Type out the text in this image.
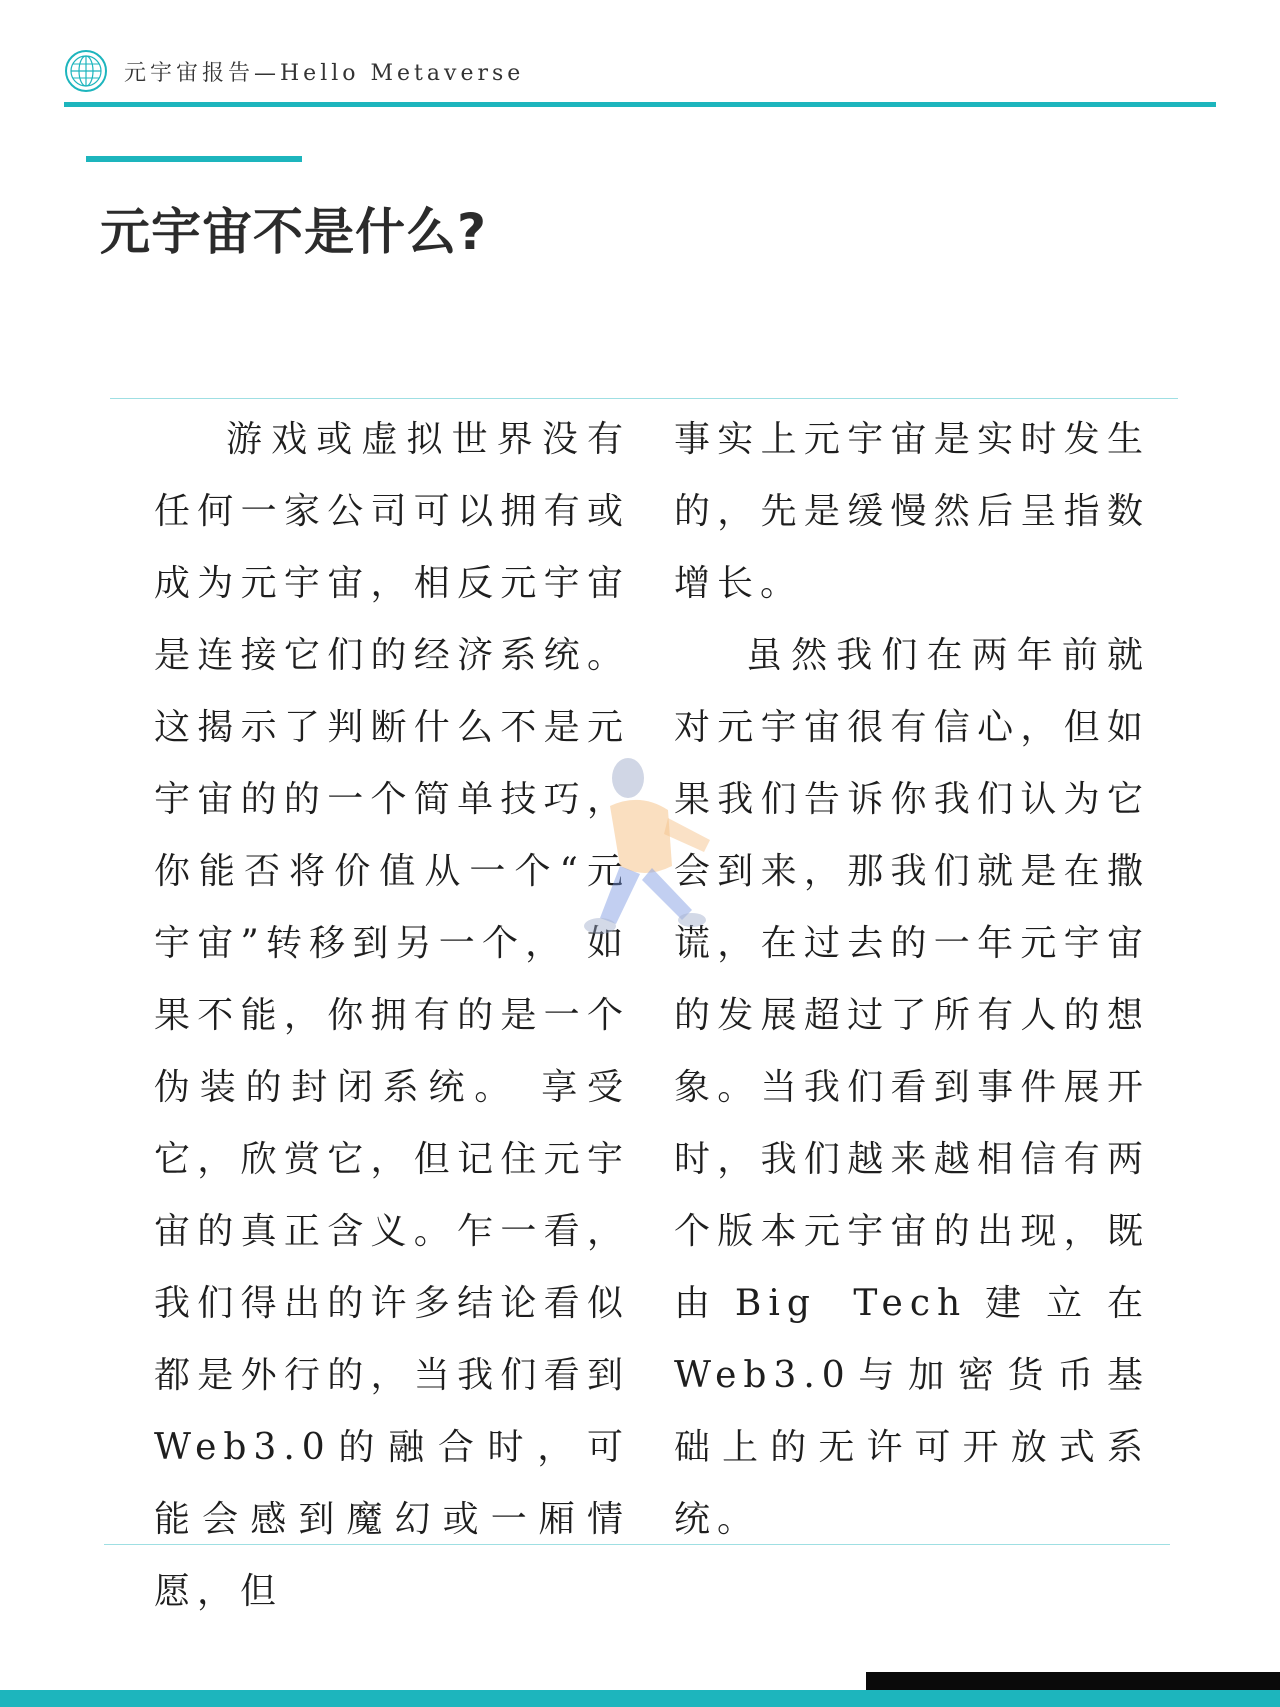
元宇宙报告—Hello Metaverse
元宇宙不是什么?

游戏或虚拟世界没有任何一家公司可以拥有或成为元宇宙，相反元宇宙是连接它们的经济系统。这揭示了判断什么不是元宇宙的的一个简单技巧，你能否将价值从一个“元宇宙”转移到另一个， 如果不能，你拥有的是一个伪装的封闭系统。 享受它，欣赏它，但记住元宇宙的真正含义。乍一看，我们得出的许多结论看似都是外行的，当我们看到Web3.0的融合时，可能会感到魔幻或一厢情愿，但

事实上元宇宙是实时发生的，先是缓慢然后呈指数增长。

虽然我们在两年前就对元宇宙很有信心，但如果我们告诉你我们认为它会到来，那我们就是在撒谎，在过去的一年元宇宙的发展超过了所有人的想象。当我们看到事件展开时，我们越来越相信有两个版本元宇宙的出现，既由Big Tech建立在Web3.0与加密货币基础上的无许可开放式系统。
